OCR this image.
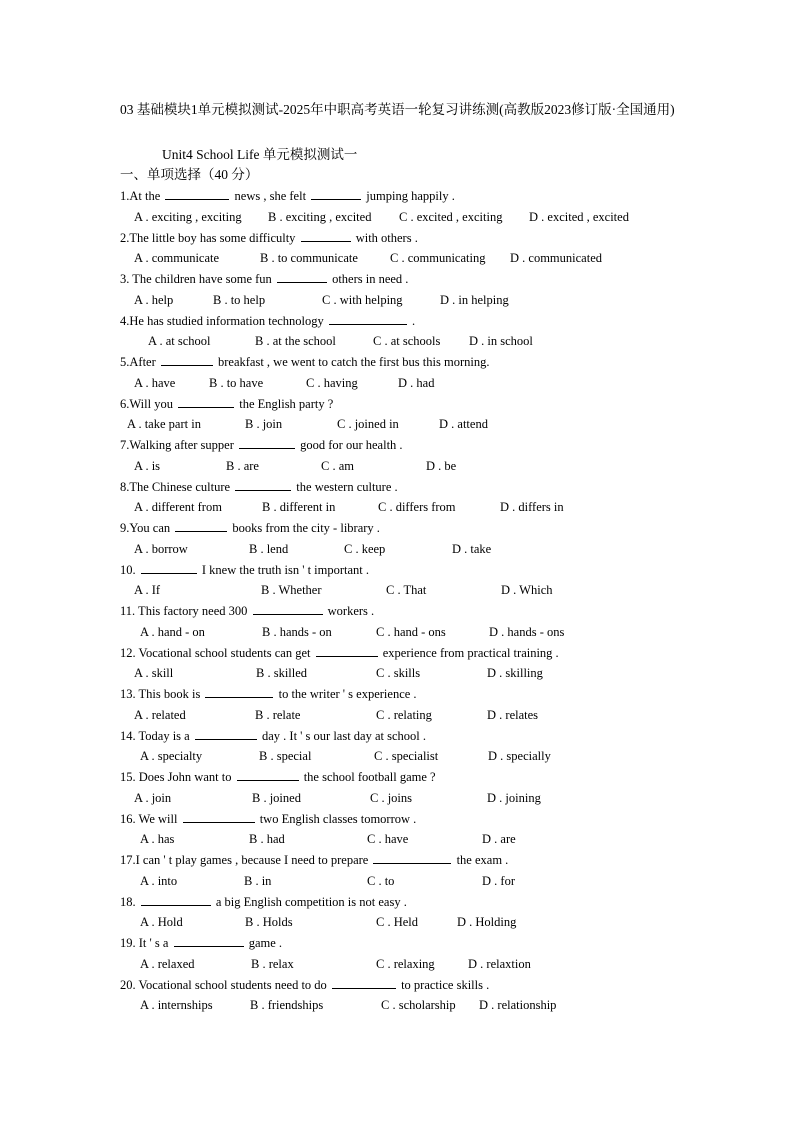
03 基础模块1单元模拟测试-2025年中职高考英语一轮复习讲练测(高教版2023修订版·全国通用)
Unit4 School Life 单元模拟测试一
一、单项选择（40 分）
1.At the	news , she felt	jumping happily .
A . exciting , exciting B . exciting , excited C . excited , exciting D . excited , excited
2.The little boy has some difficulty	with others .
A . communicate	B . to communicate	C . communicating D . communicated
3. The children have some fun	others in need .
A . help	B . to help	C . with helping	D . in helping
4.He has studied information technology	.
A . at school	B . at the school	C . at schools D . in school
5.After	breakfast , we went to catch the first bus this morning.
A . have	B . to have	C . having	D . had
6.Will you	the English party ?
A . take part in	B . join	C . joined in	D . attend
7.Walking after supper	good for our health .
A . is	B . are	C . am	D . be
8.The Chinese culture	the western culture .
A . different from	B . different in	C . differs from	D . differs in
9.You can	books from the city - library .
A . borrow	B . lend	C . keep	D . take
10.	I knew the truth isn ' t important .
A . If	B . Whether	C . That	D . Which
11. This factory need 300	workers .
A . hand - on	B . hands - on	C . hand - ons	D . hands - ons
12. Vocational school students can get	experience from practical training .
A . skill	B . skilled	C . skills	D . skilling
13. This book is	to the writer ' s experience .
A . related	B . relate	C . relating	D . relates
14. Today is a	day . It ' s our last day at school .
A . specialty	B . special	C . specialist	D . specially
15. Does John want to	the school football game ?
A . join	B . joined	C . joins	D . joining
16. We will	two English classes tomorrow .
A . has	B . had	C . have	D . are
17.I can ' t play games , because I need to prepare	the exam .
A . into	B . in	C . to	D . for
18.	a big English competition is not easy .
A . Hold	B . Holds	C . Held	D . Holding
19. It ' s a	game .
A . relaxed	B . relax	C . relaxing	D . relaxtion
20. Vocational school students need to do	to practice skills .
A . internships	B . friendships	C . scholarship D . relationship
